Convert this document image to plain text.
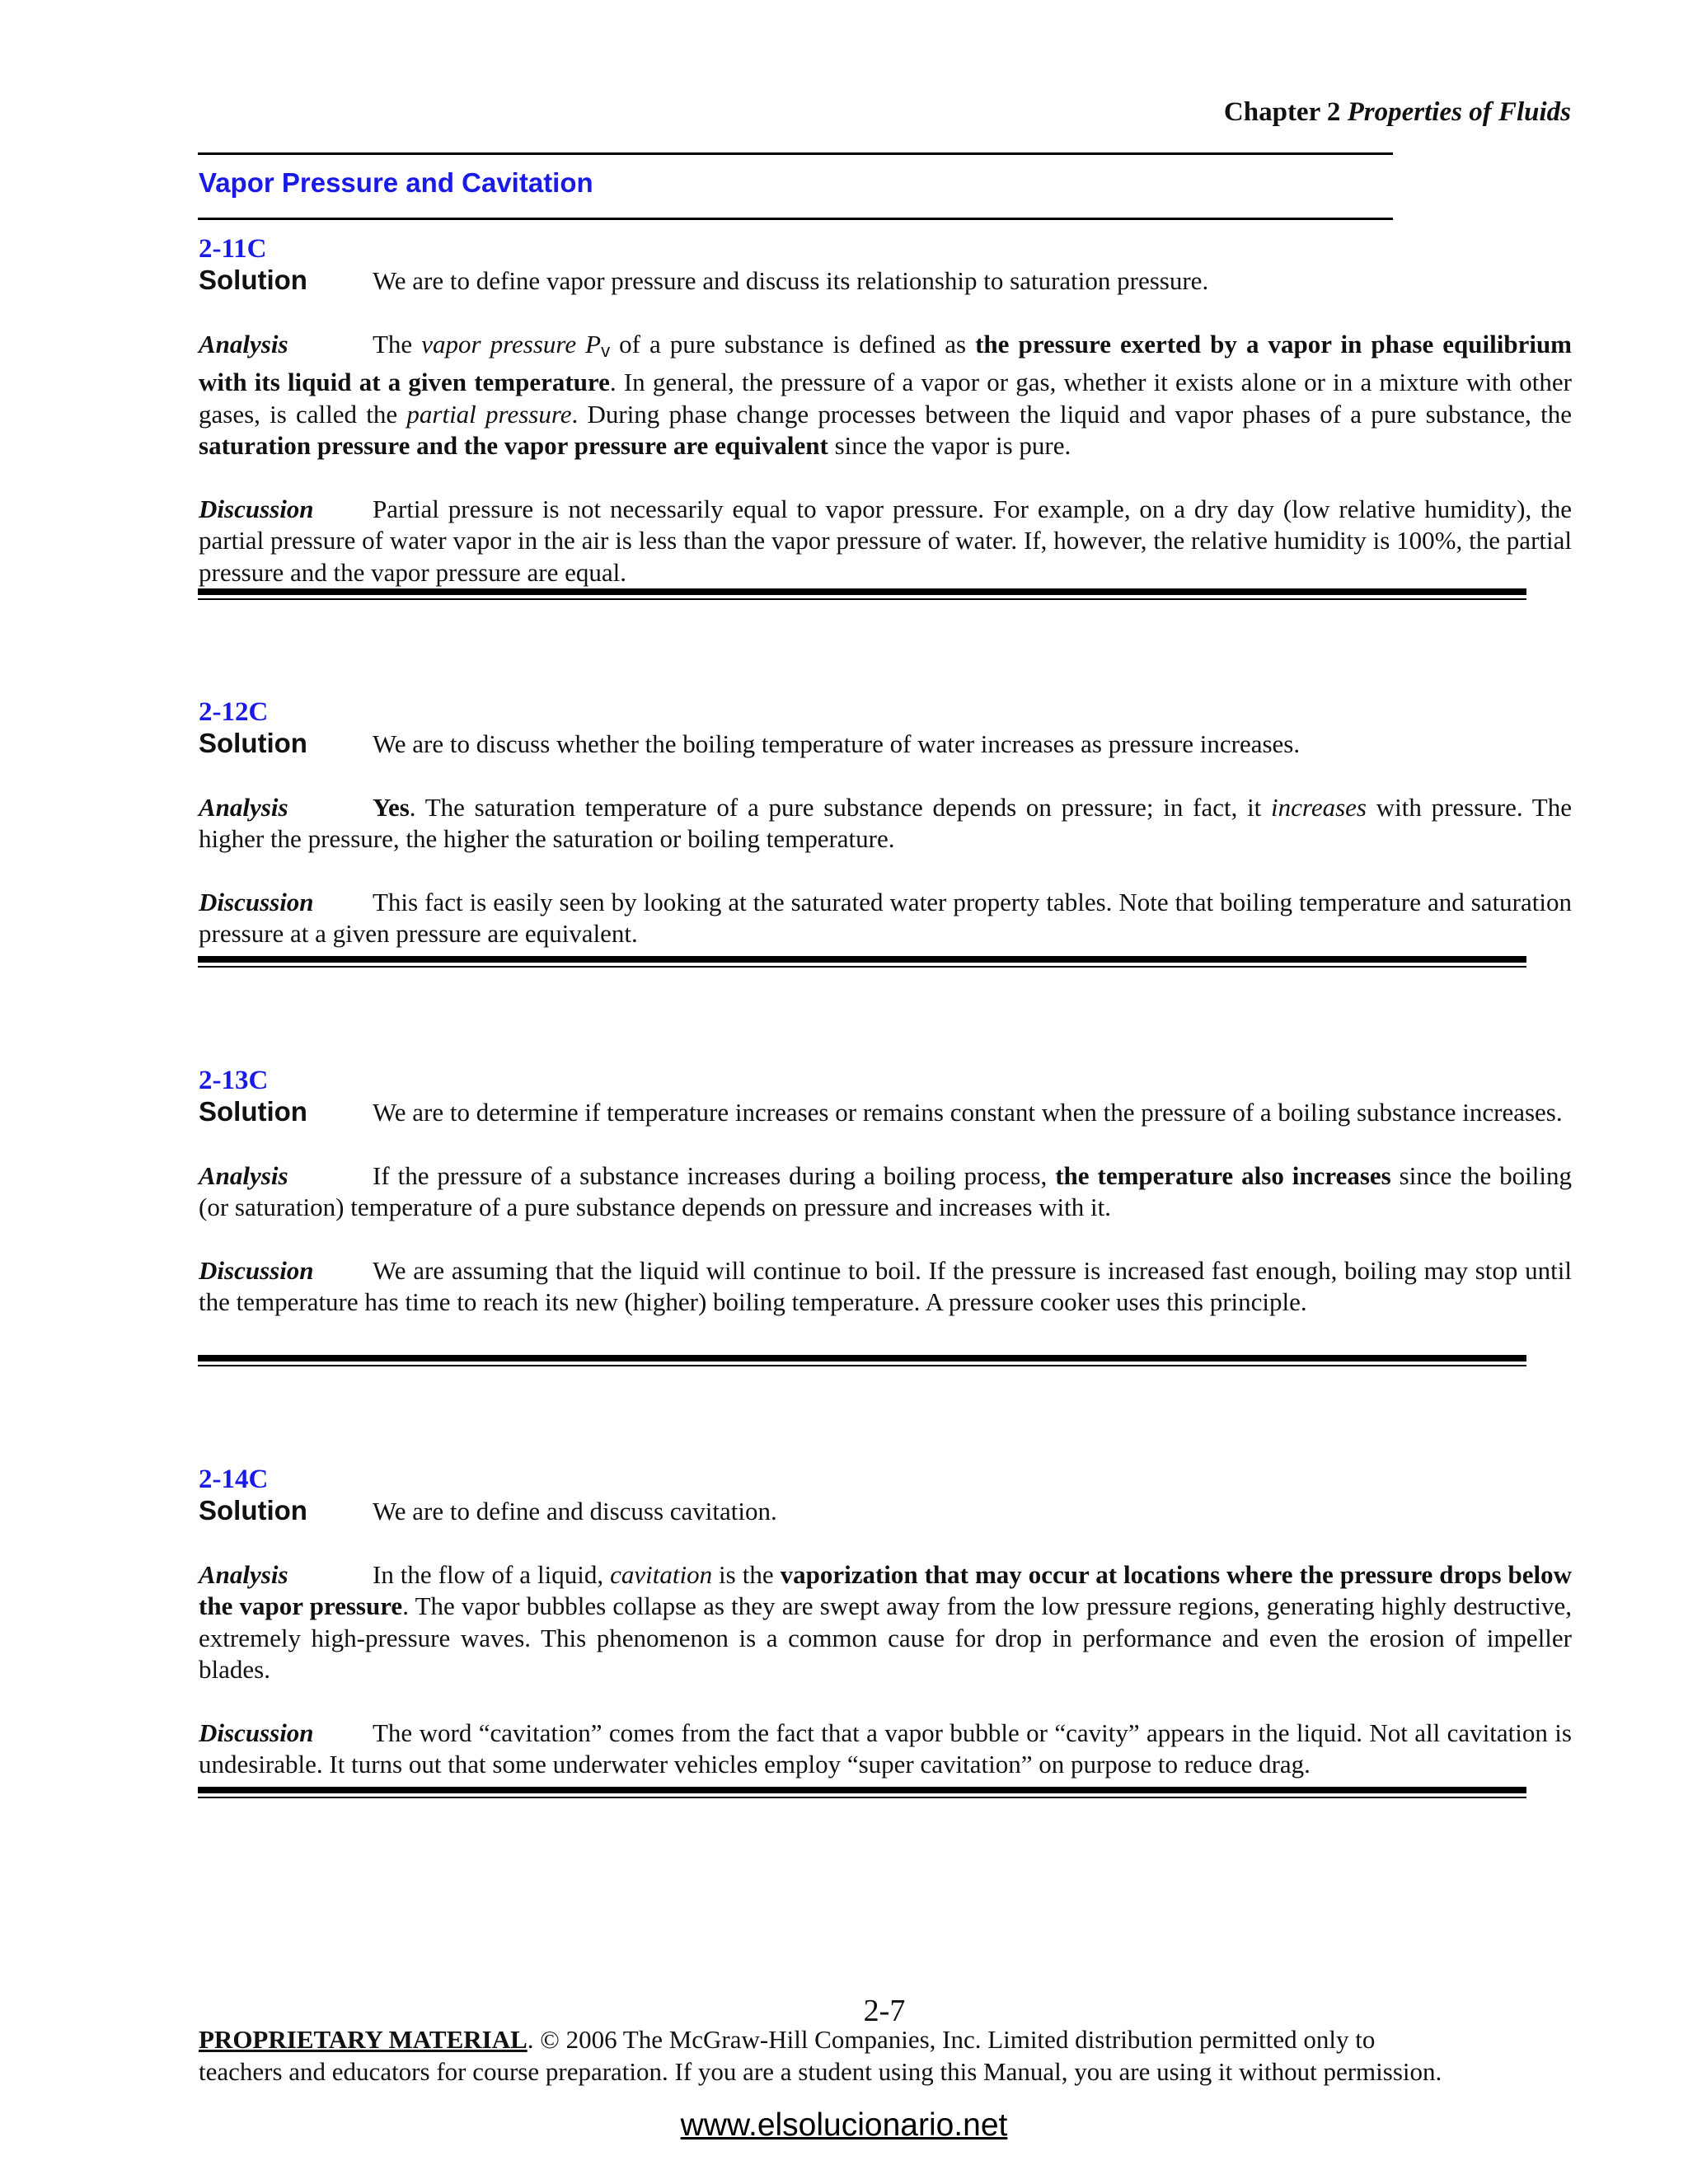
Chapter 2 Properties of Fluids
Vapor Pressure and Cavitation
2-11C

Solution	We are to define vapor pressure and discuss its relationship to saturation pressure.

Analysis	The vapor pressure $P_v$ of a pure substance is defined as the pressure exerted by a vapor in phase equilibrium with its liquid at a given temperature. In general, the pressure of a vapor or gas, whether it exists alone or in a mixture with other gases, is called the partial pressure. During phase change processes between the liquid and vapor phases of a pure substance, the saturation pressure and the vapor pressure are equivalent since the vapor is pure.

Discussion Partial pressure is not necessarily equal to vapor pressure. For example, on a dry day (low relative humidity), the partial pressure of water vapor in the air is less than the vapor pressure of water. If, however, the relative humidity is 100%, the partial pressure and the vapor pressure are equal.

2-12C

Solution	We are to discuss whether the boiling temperature of water increases as pressure increases.

Analysis	Yes. The saturation temperature of a pure substance depends on pressure; in fact, it increases with pressure. The higher the pressure, the higher the saturation or boiling temperature.

Discussion This fact is easily seen by looking at the saturated water property tables. Note that boiling temperature and saturation pressure at a given pressure are equivalent.

2-13C

Solution	We are to determine if temperature increases or remains constant when the pressure of a boiling substance increases.

Analysis	If the pressure of a substance increases during a boiling process, the temperature also increases since the boiling (or saturation) temperature of a pure substance depends on pressure and increases with it.

Discussion We are assuming that the liquid will continue to boil. If the pressure is increased fast enough, boiling may stop until the temperature has time to reach its new (higher) boiling temperature. A pressure cooker uses this principle.

2-14C

Solution	We are to define and discuss cavitation.

Analysis	In the flow of a liquid, cavitation is the vaporization that may occur at locations where the pressure drops below the vapor pressure. The vapor bubbles collapse as they are swept away from the low pressure regions, generating highly destructive, extremely high-pressure waves. This phenomenon is a common cause for drop in performance and even the erosion of impeller blades.

Discussion The word “cavitation” comes from the fact that a vapor bubble or “cavity” appears in the liquid. Not all cavitation is undesirable. It turns out that some underwater vehicles employ “super cavitation” on purpose to reduce drag.

2-7
PROPRIETARY MATERIAL. © 2006 The McGraw-Hill Companies, Inc. Limited distribution permitted only to
teachers and educators for course preparation. If you are a student using this Manual, you are using it without permission.
www.elsolucionario.net
